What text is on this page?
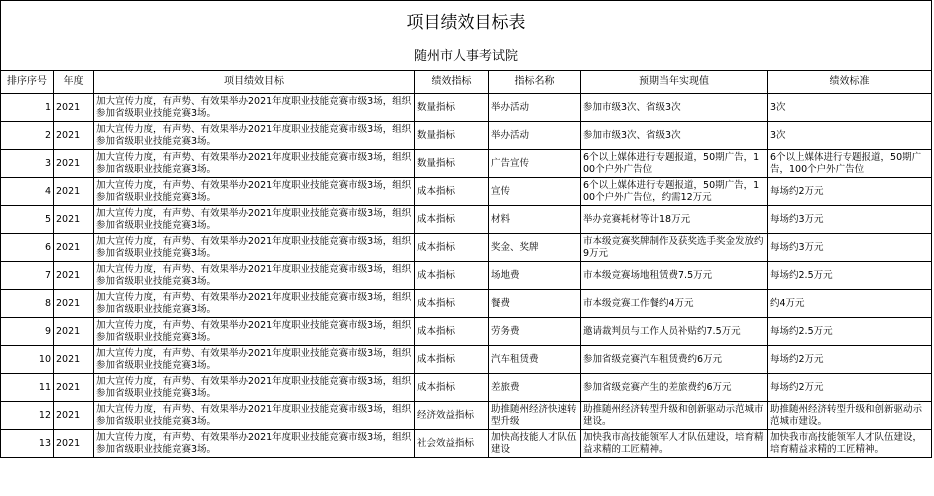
项目绩效目标表						
随州市人事考试院						
排序序号	年度	项目绩效目标	绩效指标	指标名称	预期当年实现值	绩效标准
1	2021	加大宣传力度，有声势、有效果举办2021年度职业技能竞赛市级3场，组织参加省级职业技能竞赛3场。	数量指标	举办活动	参加市级3次、省级3次	3次
2	2021	加大宣传力度，有声势、有效果举办2021年度职业技能竞赛市级3场，组织参加省级职业技能竞赛3场。	数量指标	举办活动	参加市级3次、省级3次	3次
3	2021	加大宣传力度，有声势、有效果举办2021年度职业技能竞赛市级3场，组织参加省级职业技能竞赛3场。	数量指标	广告宣传	6个以上媒体进行专题报道，50期广告，100个户外广告位	6个以上媒体进行专题报道，50期广告，100个户外广告位
4	2021	加大宣传力度，有声势、有效果举办2021年度职业技能竞赛市级3场，组织参加省级职业技能竞赛3场。	成本指标	宣传	6个以上媒体进行专题报道，50期广告，100个户外广告位，约需12万元	每场约2万元
5	2021	加大宣传力度，有声势、有效果举办2021年度职业技能竞赛市级3场，组织参加省级职业技能竞赛3场。	成本指标	材料	举办竞赛耗材等计18万元	每场约3万元
6	2021	加大宣传力度，有声势、有效果举办2021年度职业技能竞赛市级3场，组织参加省级职业技能竞赛3场。	成本指标	奖金、奖牌	市本级竞赛奖牌制作及获奖选手奖金发放约9万元	每场约3万元
7	2021	加大宣传力度，有声势、有效果举办2021年度职业技能竞赛市级3场，组织参加省级职业技能竞赛3场。	成本指标	场地费	市本级竞赛场地租赁费7.5万元	每场约2.5万元
8	2021	加大宣传力度，有声势、有效果举办2021年度职业技能竞赛市级3场，组织参加省级职业技能竞赛3场。	成本指标	餐费	市本级竞赛工作餐约4万元	约4万元
9	2021	加大宣传力度，有声势、有效果举办2021年度职业技能竞赛市级3场，组织参加省级职业技能竞赛3场。	成本指标	劳务费	邀请裁判员与工作人员补贴约7.5万元	每场约2.5万元
10	2021	加大宣传力度，有声势、有效果举办2021年度职业技能竞赛市级3场，组织参加省级职业技能竞赛3场。	成本指标	汽车租赁费	参加省级竞赛汽车租赁费约6万元	每场约2万元
11	2021	加大宣传力度，有声势、有效果举办2021年度职业技能竞赛市级3场，组织参加省级职业技能竞赛3场。	成本指标	差旅费	参加省级竞赛产生的差旅费约6万元	每场约2万元
12	2021	加大宣传力度，有声势、有效果举办2021年度职业技能竞赛市级3场，组织参加省级职业技能竞赛3场。	经济效益指标	助推随州经济快速转型升级	助推随州经济转型升级和创新驱动示范城市建设。	助推随州经济转型升级和创新驱动示范城市建设。
13	2021	加大宣传力度，有声势、有效果举办2021年度职业技能竞赛市级3场，组织参加省级职业技能竞赛3场。	社会效益指标	加快高技能人才队伍建设	加快我市高技能领军人才队伍建设，培育精益求精的工匠精神。	加快我市高技能领军人才队伍建设，培育精益求精的工匠精神。
